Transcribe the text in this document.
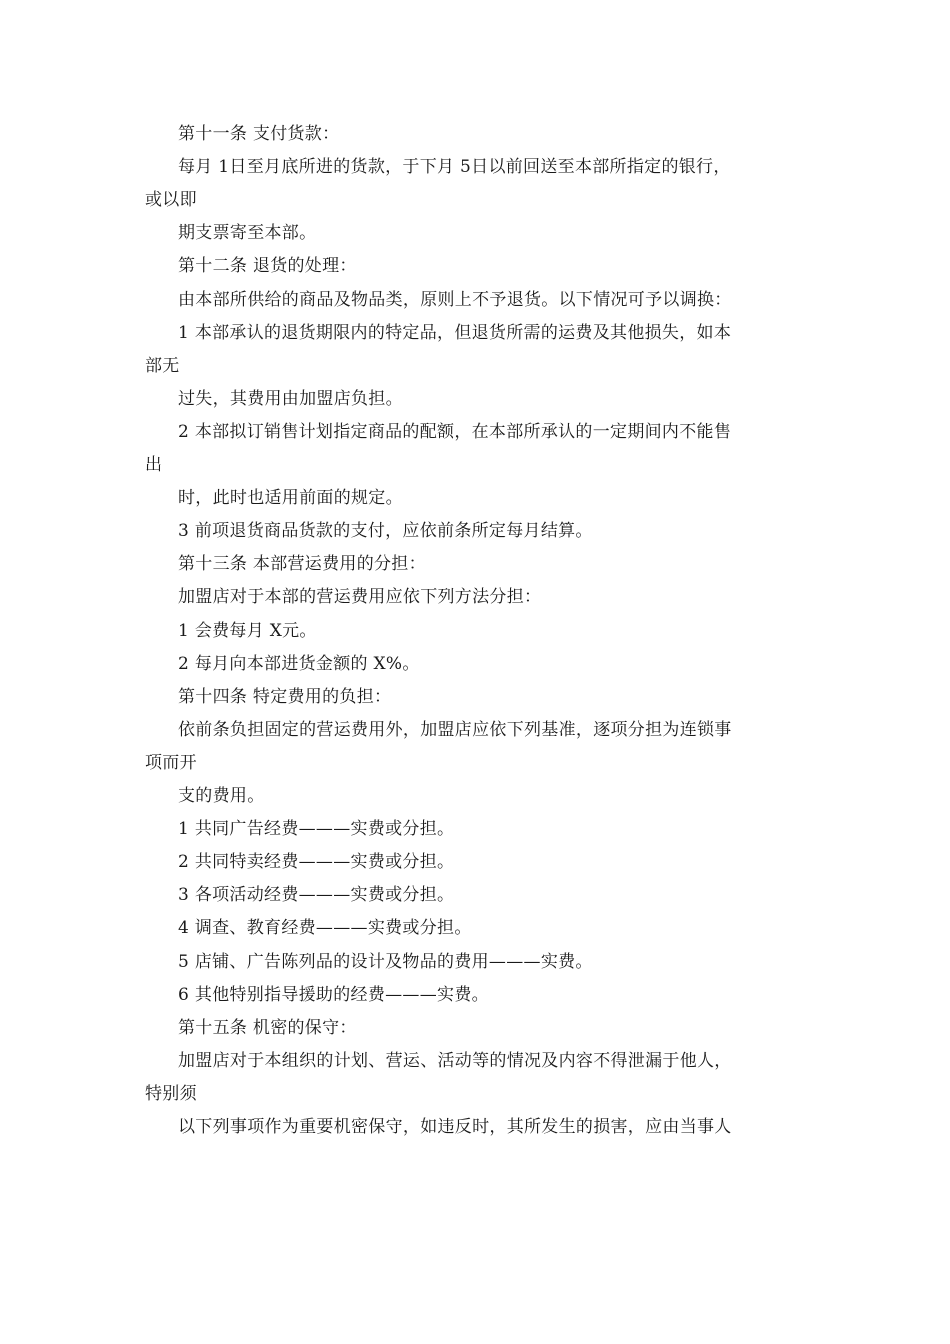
第十一条 支付货款：
每月 1日至月底所进的货款，于下月 5日以前回送至本部所指定的银行，
或以即
期支票寄至本部。
第十二条 退货的处理：
由本部所供给的商品及物品类，原则上不予退货。以下情况可予以调换：
1 本部承认的退货期限内的特定品，但退货所需的运费及其他损失，如本
部无
过失，其费用由加盟店负担。
2 本部拟订销售计划指定商品的配额，在本部所承认的一定期间内不能售
出
时，此时也适用前面的规定。
3 前项退货商品货款的支付，应依前条所定每月结算。
第十三条 本部营运费用的分担：
加盟店对于本部的营运费用应依下列方法分担：
1 会费每月 X元。
2 每月向本部进货金额的 X%。
第十四条 特定费用的负担：
依前条负担固定的营运费用外，加盟店应依下列基准，逐项分担为连锁事
项而开
支的费用。
1 共同广告经费———实费或分担。
2 共同特卖经费———实费或分担。
3 各项活动经费———实费或分担。
4 调查、教育经费———实费或分担。
5 店铺、广告陈列品的设计及物品的费用———实费。
6 其他特别指导援助的经费———实费。
第十五条 机密的保守：
加盟店对于本组织的计划、营运、活动等的情况及内容不得泄漏于他人，
特别须
以下列事项作为重要机密保守，如违反时，其所发生的损害，应由当事人
